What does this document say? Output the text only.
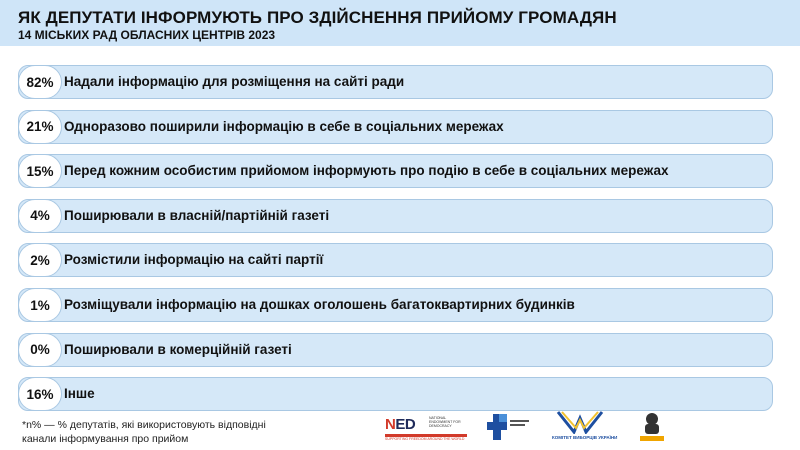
ЯК ДЕПУТАТИ ІНФОРМУЮТЬ ПРО ЗДІЙСНЕННЯ ПРИЙОМУ ГРОМАДЯН
14 МІСЬКИХ РАД ОБЛАСНИХ ЦЕНТРІВ 2023
82% Надали інформацію для розміщення на сайті ради
21% Одноразово поширили інформацію в себе в соціальних мережах
15% Перед кожним особистим прийомом інформують про подію в себе в соціальних мережах
4%	Поширювали в власній/партійній газеті
2%	Розмістили інформацію на сайті партії
1%	Розміщували інформацію на дошках оголошень багатоквартирних будинків
0%	Поширювали в комерційній газеті
16% Інше
*n% — % депутатів, які використовують відповідні
канали інформування про прийом
NED	NATIONAL ENDOWMENT FOR DEMOCRACY
SUPPORTING FREEDOM AROUND THE WORLD	КОМІТЕТ ВИБОРЦІВ УКРАЇНИ
